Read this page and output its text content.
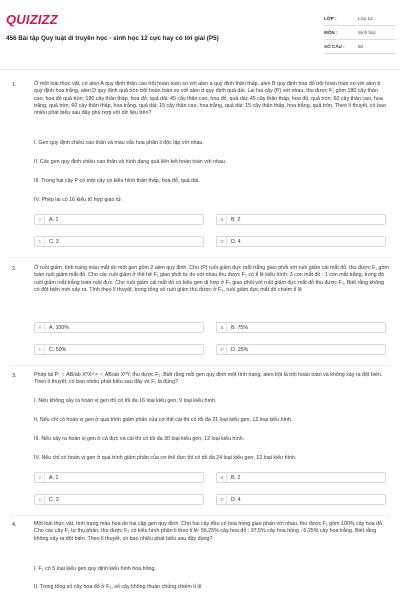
QUIZIZZ
456 Bài tập Quy luật di truyền học - sinh học 12 cực hay có lời giải (P5)
LỚP :	Lớp 12
MÔN :	Sinh học
SỐ CÂU :	50
1.	Ở một loài thực vật, có alen A quy định thân cao trội hoàn toàn so với alen a quy định thân thấp, alen B quy định hoa đỏ trội hoàn toàn so với alen b quy định hoa trắng, alen D quy định quả tròn trội hoàn toàn so với alen d quy định quả dài. Lai hai cây (P) với nhau, thu được F₁ gồm 180 cây thân cao, hoa đỏ quả tròn; 180 cây thân thấp, hoa đỏ, quả dài; 45 cây thân cao, hoa đỏ, quả dài; 45 cây thân thấp, hoa đỏ, quả tròn; 60 cây thân cao, hoa trắng, quả tròn; 60 cây thân thấp, hoa trắng, quả dài; 15 cây thân cao, hoa trắng, quả dài; 15 cây thân thấp, hoa trắng, quả tròn. Theo lí thuyết, có bao nhiêu phát biểu sau đây phù hợp với dữ liệu trên?
I. Gen quy định chiều cao thân và màu sắc hoa phân li độc lập với nhau.
II. Các gen quy định chiều cao thân và hình dạng quả liên kết hoàn toàn với nhau.
III. Trong hai cây P có một cây có kiểu hình thân thấp, hoa đỏ, quả dài.
IV. Phép lai có 16 kiểu tổ hợp giao tử.
A	A. 1	B	B. 2
C	C. 3	D	D. 4
2.	Ở ruồi giấm, tính trạng màu mắt do một gen gồm 2 alen quy định. Cho (P) ruồi giấm đực mắt trắng giao phối với ruồi giấm cái mắt đỏ, thu được F₁ gồm toàn ruồi giấm mắt đỏ. Cho các ruồi giấm ở thế hệ F₁ giao phối tự do với nhau thu được F₂ có tỉ lệ kiểu hình: 3 con mắt đỏ : 1 con mắt trắng, trong đó ruồi giấm mắt trắng toàn ruồi đực. Cho ruồi giấm cái mắt đỏ có kiểu gen dị hợp ở F₂ giao phối với ruồi giấm đực mắt đỏ thu được F₃. Biết rằng không có đột biến mới xảy ra. Tính theo lí thuyết, trong tổng số ruồi giấm thu được ở F₃, ruồi giấm đực mắt đỏ chiếm tỉ lệ
A	A. 100%	B	B. 75%
C	C. 50%	D	D. 25%
3.	Phép lai P: ♀ AB/ab XᴰXᵈ × ♂ AB/ab XᴰY, thu được F₁. Biết rằng mỗi gen quy định một tính trạng, alen trội là trội hoàn toàn và không xảy ra đột biến. Theo lí thuyết, có bao nhiêu phát biểu sau đây về F₁ là đúng?
I. Nếu không xảy ra hoán vị gen thì có tối đa 16 loại kiểu gen, 9 loại kiểu hình.
II. Nếu chỉ có hoán vị gen ở quá trình giảm phân của cơ thể cái thì có tối đa 21 loại kiểu gen, 12 loại kiểu hình.
III. Nếu xảy ra hoán vị gen ở cả đực và cái thì có tối đa 30 loại kiểu gen, 12 loại kiểu hình.
IV. Nếu chỉ có hoán vị gen ở quá trình giảm phân của cơ thể đực thì có tối đa 24 loại kiểu gen, 12 loại kiểu hình.
A	A. 1	B	B. 2
C	C. 3	D	D. 4
4.	Một loài thực vật, tính trạng màu hoa do hai cặp gen quy định. Cho hai cây đều có hoa hồng giao phấn với nhau, thu được F₁ gồm 100% cây hoa đỏ. Cho các cây F₁ tự thụ phấn, thu được F₂ có kiểu hình phân li theo tỉ lệ: 56,25% cây hoa đỏ : 37,5% cây hoa hồng : 6,25% cây hoa trắng. Biết rằng không xảy ra đột biến. Theo lí thuyết, có bao nhiêu phát biểu sau đây đúng?
I. F₂ có 5 loại kiểu gen quy định kiểu hình hoa hồng.
II. Trong tổng số cây hoa đỏ ở F₂, số cây không thuần chủng chiếm tỉ lệ
